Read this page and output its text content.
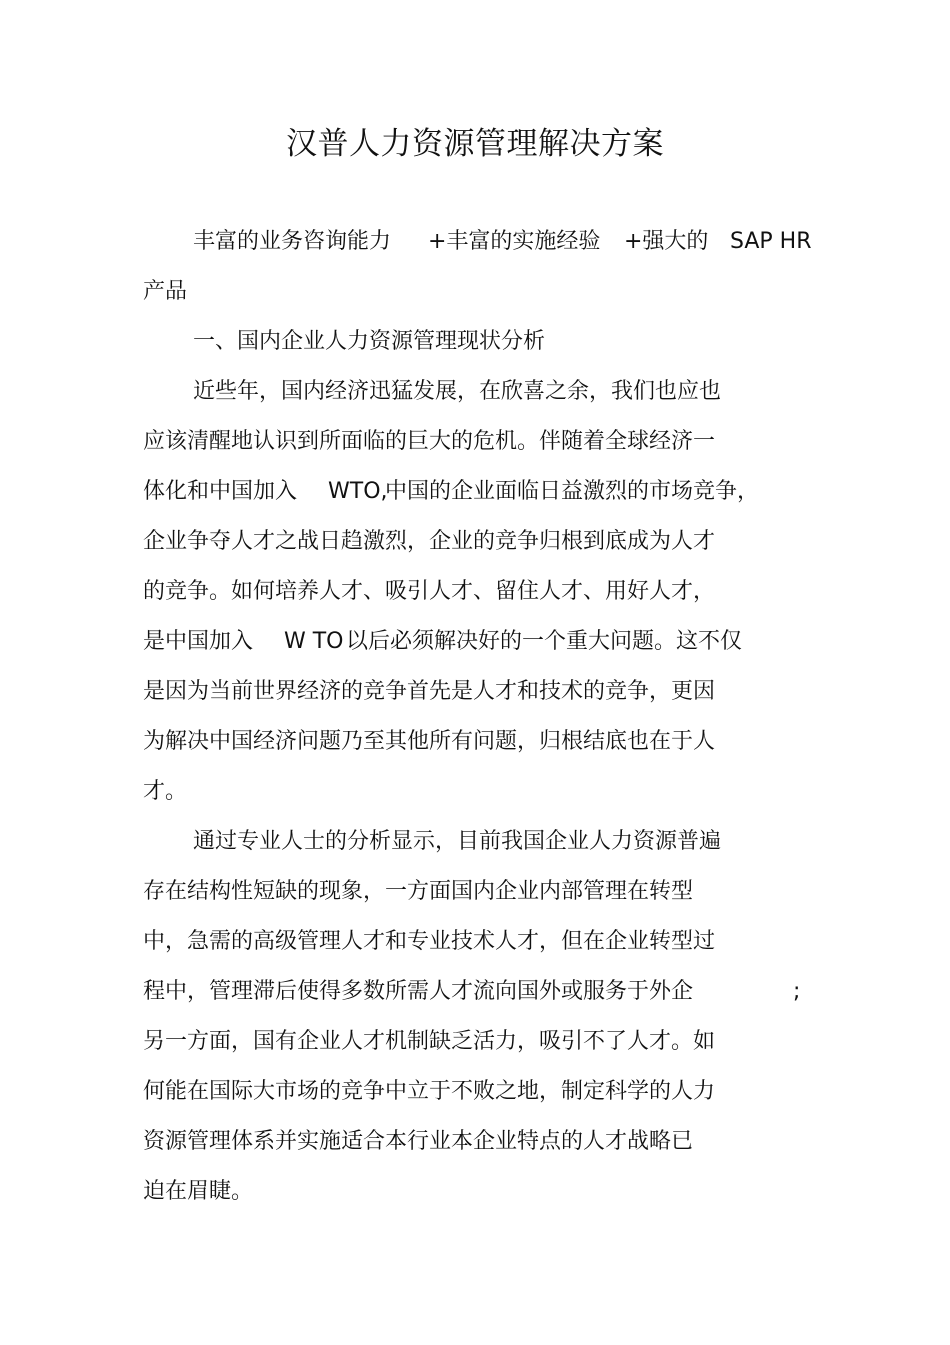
汉普人力资源管理解决方案
丰富的业务咨询能力 +丰富的实施经验 +强大的 SAP HR
产品
一、国内企业人力资源管理现状分析
近些年，国内经济迅猛发展，在欣喜之余，我们也应也
应该清醒地认识到所面临的巨大的危机。伴随着全球经济一
体化和中国加入 WTO,
中国的企业面临日益激烈的市场竞争，
企业争夺人才之战日趋激烈，企业的竞争归根到底成为人才
的竞争。如何培养人才、吸引人才、留住人才、用好人才，
是中国加入 W TO 以后必须解决好的一个重大问题。这不仅
是因为当前世界经济的竞争首先是人才和技术的竞争，更因
为解决中国经济问题乃至其他所有问题，归根结底也在于人
才。
通过专业人士的分析显示，目前我国企业人力资源普遍
存在结构性短缺的现象，一方面国内企业内部管理在转型
中，急需的高级管理人才和专业技术人才，但在企业转型过
程中，管理滞后使得多数所需人才流向国外或服务于外企	;
另一方面，国有企业人才机制缺乏活力，吸引不了人才。如
何能在国际大市场的竞争中立于不败之地，制定科学的人力
资源管理体系并实施适合本行业本企业特点的人才战略已
迫在眉睫。
